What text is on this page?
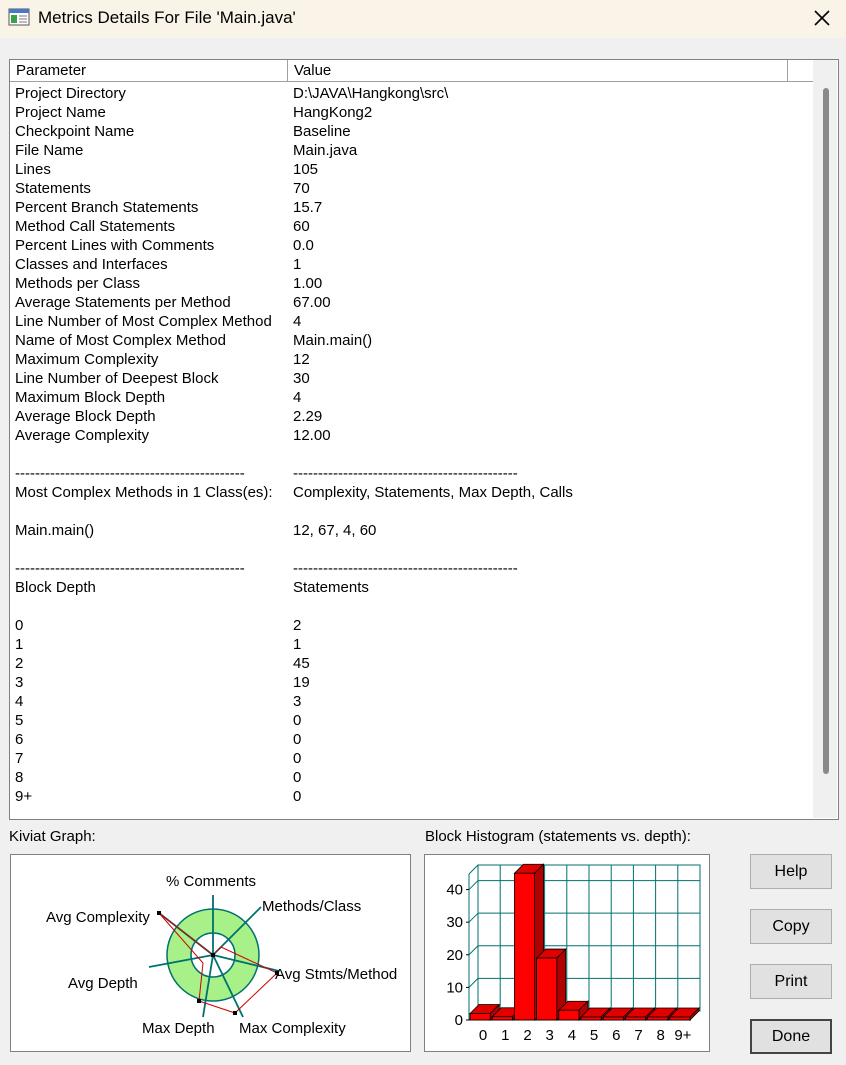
Metrics Details For File 'Main.java'
Parameter	Value
Project Directory	D:\JAVA\Hangkong\src\
Project Name	HangKong2
Checkpoint Name	Baseline
File Name	Main.java
Lines	105
Statements	70
Percent Branch Statements	15.7
Method Call Statements	60
Percent Lines with Comments	0.0
Classes and Interfaces	1
Methods per Class	1.00
Average Statements per Method	67.00
Line Number of Most Complex Method 4
Name of Most Complex Method	Main.main()
Maximum Complexity	12
Line Number of Deepest Block	30
Maximum Block Depth	4
Average Block Depth	2.29
Average Complexity	12.00
----------------------------------------------	---------------------------------------------
Most Complex Methods in 1 Class(es): Complexity, Statements, Max Depth, Calls
Main.main()	12, 67, 4, 60
----------------------------------------------	---------------------------------------------
Block Depth	Statements
0	2
1	1
2	45
3	19
4	3
5	0
6	0
7	0
8	0
9+	0
Kiviat Graph:
% Comments
Methods/Class
Avg Stmts/Method
Max Complexity
Max Depth
Avg Depth
Avg Complexity
Block Histogram (statements vs. depth):
0
10
20
30
40
0 1 2 3 4 5 6 7 8 9+
Help
Copy
Print
Done
